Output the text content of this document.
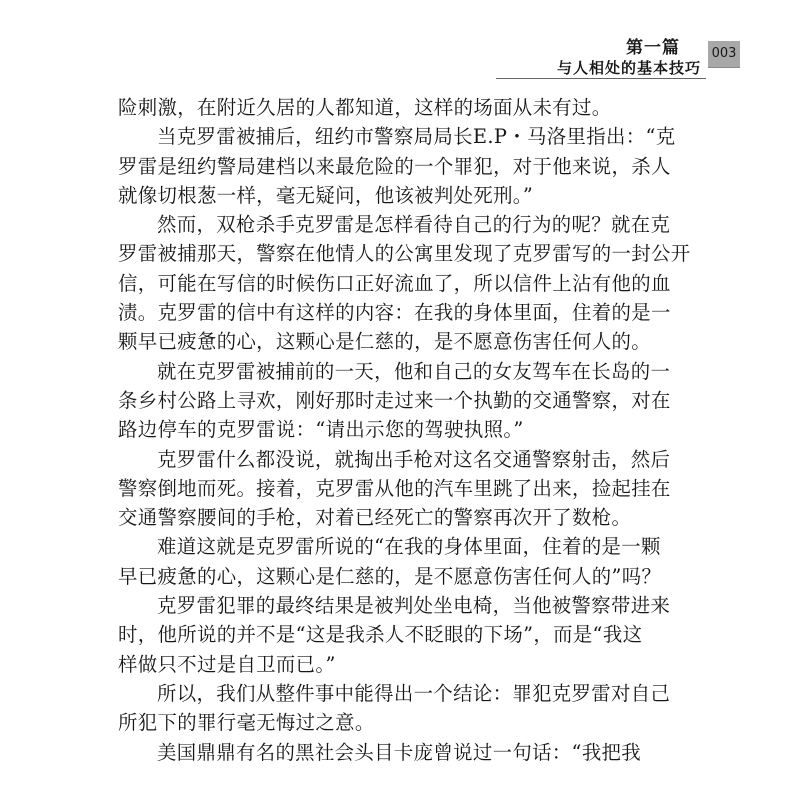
第一篇
与人相处的基本技巧
003
险刺激，在附近久居的人都知道，这样的场面从未有过。
当克罗雷被捕后，纽约市警察局局长E.P・马洛里指出：“克
罗雷是纽约警局建档以来最危险的一个罪犯，对于他来说，杀人
就像切根葱一样，毫无疑问，他该被判处死刑。”
然而，双枪杀手克罗雷是怎样看待自己的行为的呢？就在克
罗雷被捕那天，警察在他情人的公寓里发现了克罗雷写的一封公开
信，可能在写信的时候伤口正好流血了，所以信件上沾有他的血
渍。克罗雷的信中有这样的内容：在我的身体里面，住着的是一
颗早已疲惫的心，这颗心是仁慈的，是不愿意伤害任何人的。
就在克罗雷被捕前的一天，他和自己的女友驾车在长岛的一
条乡村公路上寻欢，刚好那时走过来一个执勤的交通警察，对在
路边停车的克罗雷说：“请出示您的驾驶执照。”
克罗雷什么都没说，就掏出手枪对这名交通警察射击，然后
警察倒地而死。接着，克罗雷从他的汽车里跳了出来，捡起挂在
交通警察腰间的手枪，对着已经死亡的警察再次开了数枪。
难道这就是克罗雷所说的“在我的身体里面，住着的是一颗
早已疲惫的心，这颗心是仁慈的，是不愿意伤害任何人的”吗？
克罗雷犯罪的最终结果是被判处坐电椅，当他被警察带进来
时，他所说的并不是“这是我杀人不眨眼的下场”，而是“我这
样做只不过是自卫而已。”
所以，我们从整件事中能得出一个结论：罪犯克罗雷对自己
所犯下的罪行毫无悔过之意。
美国鼎鼎有名的黑社会头目卡庞曾说过一句话：“我把我
